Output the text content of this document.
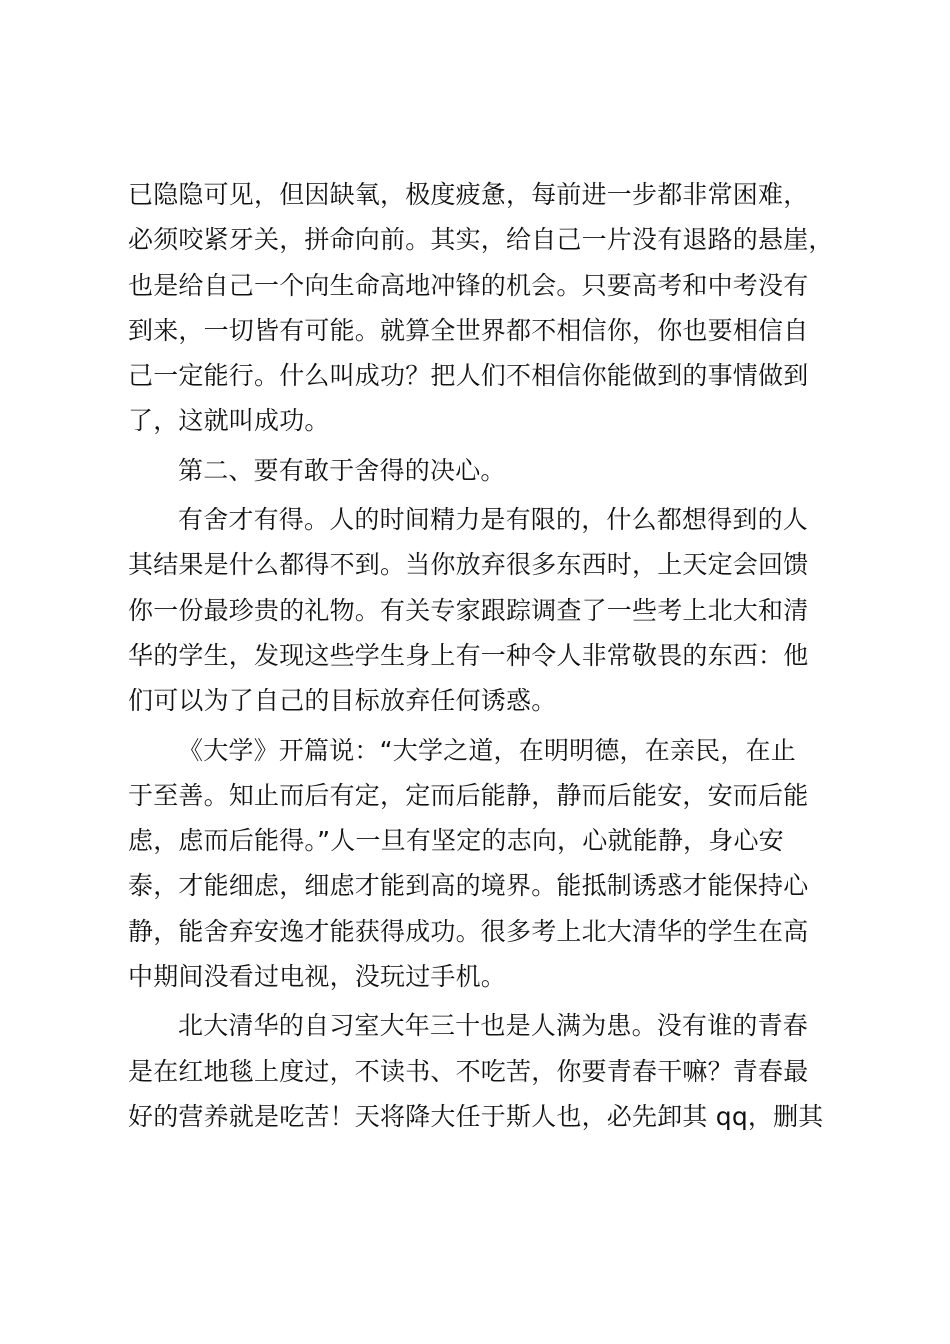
已隐隐可见，但因缺氧，极度疲惫，每前进一步都非常困难，
必须咬紧牙关，拼命向前。其实，给自己一片没有退路的悬崖，
也是给自己一个向生命高地冲锋的机会。只要高考和中考没有
到来，一切皆有可能。就算全世界都不相信你，你也要相信自
己一定能行。什么叫成功？把人们不相信你能做到的事情做到
了，这就叫成功。

第二、要有敢于舍得的决心。

有舍才有得。人的时间精力是有限的，什么都想得到的人
其结果是什么都得不到。当你放弃很多东西时，上天定会回馈
你一份最珍贵的礼物。有关专家跟踪调查了一些考上北大和清
华的学生，发现这些学生身上有一种令人非常敬畏的东西：他
们可以为了自己的目标放弃任何诱惑。

《大学》开篇说：“大学之道，在明明德，在亲民，在止
于至善。知止而后有定，定而后能静，静而后能安，安而后能
虑，虑而后能得。”人一旦有坚定的志向，心就能静，身心安
泰，才能细虑，细虑才能到高的境界。能抵制诱惑才能保持心
静，能舍弃安逸才能获得成功。很多考上北大清华的学生在高
中期间没看过电视，没玩过手机。

北大清华的自习室大年三十也是人满为患。没有谁的青春
是在红地毯上度过，不读书、不吃苦，你要青春干嘛？青春最
好的营养就是吃苦！天将降大任于斯人也，必先卸其 qq，删其
